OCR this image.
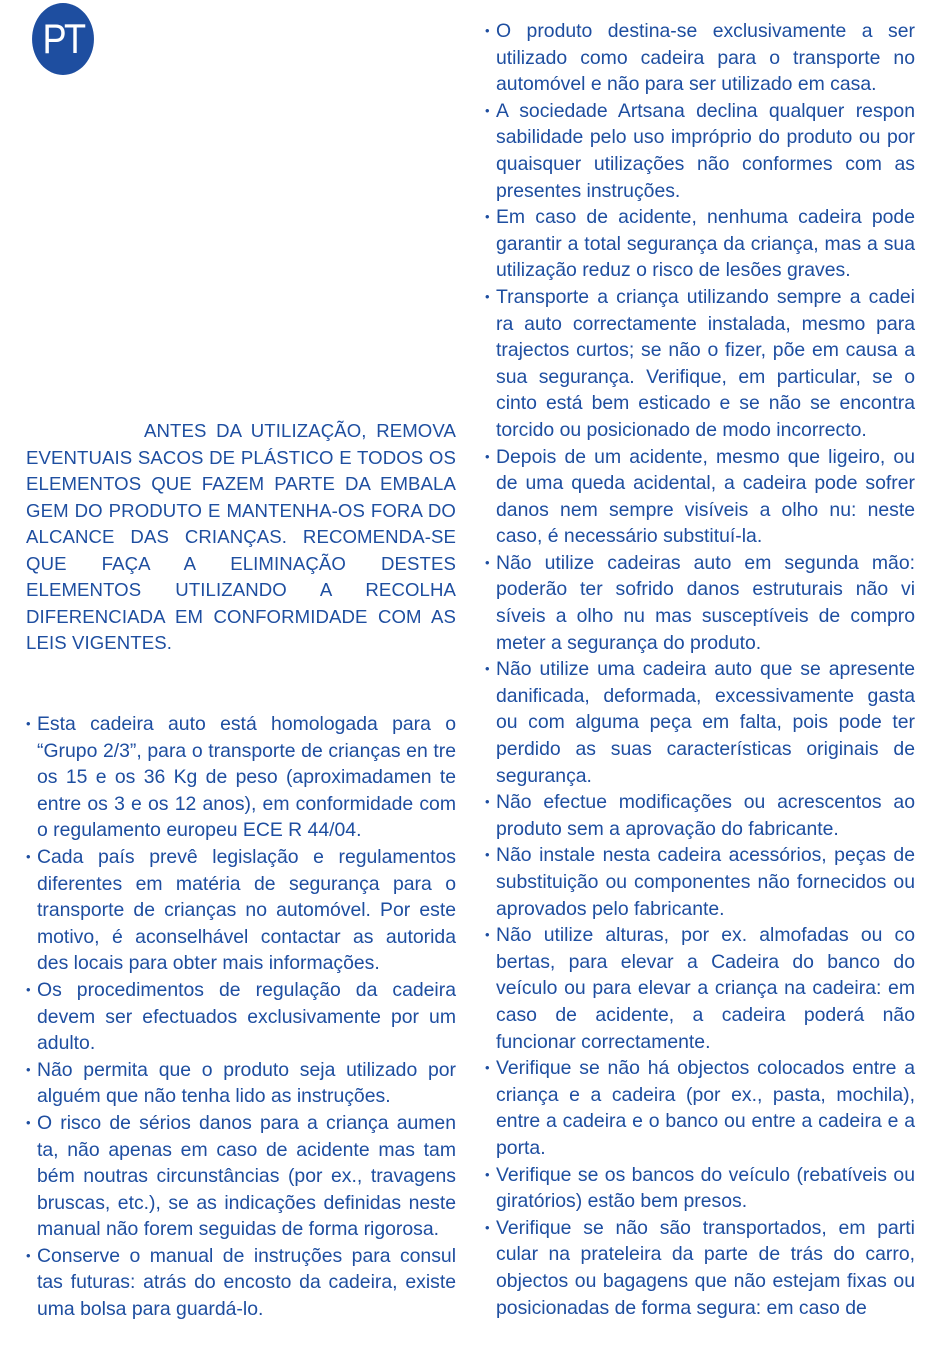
PT

ANTES DA UTILIZAÇÃO, REMOVA EVENTUAIS SACOS DE PLÁSTICO E TODOS OS ELEMENTOS QUE FAZEM PARTE DA EMBALA GEM DO PRODUTO E MANTENHA-OS FORA DO ALCANCE DAS CRIANÇAS. RECOMENDA-SE QUE FAÇA A ELIMINAÇÃO DESTES ELEMENTOS UTILIZANDO A RECOLHA DIFERENCIADA EM CONFORMIDADE COM AS LEIS VIGENTES.

• Esta cadeira auto está homologada para o “Grupo 2/3”, para o transporte de crianças en tre os 15 e os 36 Kg de peso (aproximadamen te entre os 3 e os 12 anos), em conformidade com o regulamento europeu ECE R 44/04.
• Cada país prevê legislação e regulamentos diferentes em matéria de segurança para o transporte de crianças no automóvel. Por este motivo, é aconselhável contactar as autorida des locais para obter mais informações.
• Os procedimentos de regulação da cadeira devem ser efectuados exclusivamente por um adulto.
• Não permita que o produto seja utilizado por alguém que não tenha lido as instruções.
• O risco de sérios danos para a criança aumen ta, não apenas em caso de acidente mas tam bém noutras circunstâncias (por ex., travagens bruscas, etc.), se as indicações definidas neste manual não forem seguidas de forma rigorosa.
• Conserve o manual de instruções para consul tas futuras: atrás do encosto da cadeira, existe uma bolsa para guardá-lo.
• O produto destina-se exclusivamente a ser utilizado como cadeira para o transporte no automóvel e não para ser utilizado em casa.
• A sociedade Artsana declina qualquer respon sabilidade pelo uso impróprio do produto ou por quaisquer utilizações não conformes com as presentes instruções.
• Em caso de acidente, nenhuma cadeira pode garantir a total segurança da criança, mas a sua utilização reduz o risco de lesões graves.
• Transporte a criança utilizando sempre a cadei ra auto correctamente instalada, mesmo para trajectos curtos; se não o fizer, põe em causa a sua segurança. Verifique, em particular, se o cinto está bem esticado e se não se encontra torcido ou posicionado de modo incorrecto.
• Depois de um acidente, mesmo que ligeiro, ou de uma queda acidental, a cadeira pode sofrer danos nem sempre visíveis a olho nu: neste caso, é necessário substituí-la.
• Não utilize cadeiras auto em segunda mão: poderão ter sofrido danos estruturais não vi síveis a olho nu mas susceptíveis de compro meter a segurança do produto.
• Não utilize uma cadeira auto que se apresente danificada, deformada, excessivamente gasta ou com alguma peça em falta, pois pode ter perdido as suas características originais de segurança.
• Não efectue modificações ou acrescentos ao produto sem a aprovação do fabricante.
• Não instale nesta cadeira acessórios, peças de substituição ou componentes não fornecidos ou aprovados pelo fabricante.
• Não utilize alturas, por ex. almofadas ou co bertas, para elevar a Cadeira do banco do veículo ou para elevar a criança na cadeira: em caso de acidente, a cadeira poderá não funcionar correctamente.
• Verifique se não há objectos colocados entre a criança e a cadeira (por ex., pasta, mochila), entre a cadeira e o banco ou entre a cadeira e a porta.
• Verifique se os bancos do veículo (rebatíveis ou giratórios) estão bem presos.
• Verifique se não são transportados, em parti cular na prateleira da parte de trás do carro, objectos ou bagagens que não estejam fixas ou posicionadas de forma segura: em caso de
